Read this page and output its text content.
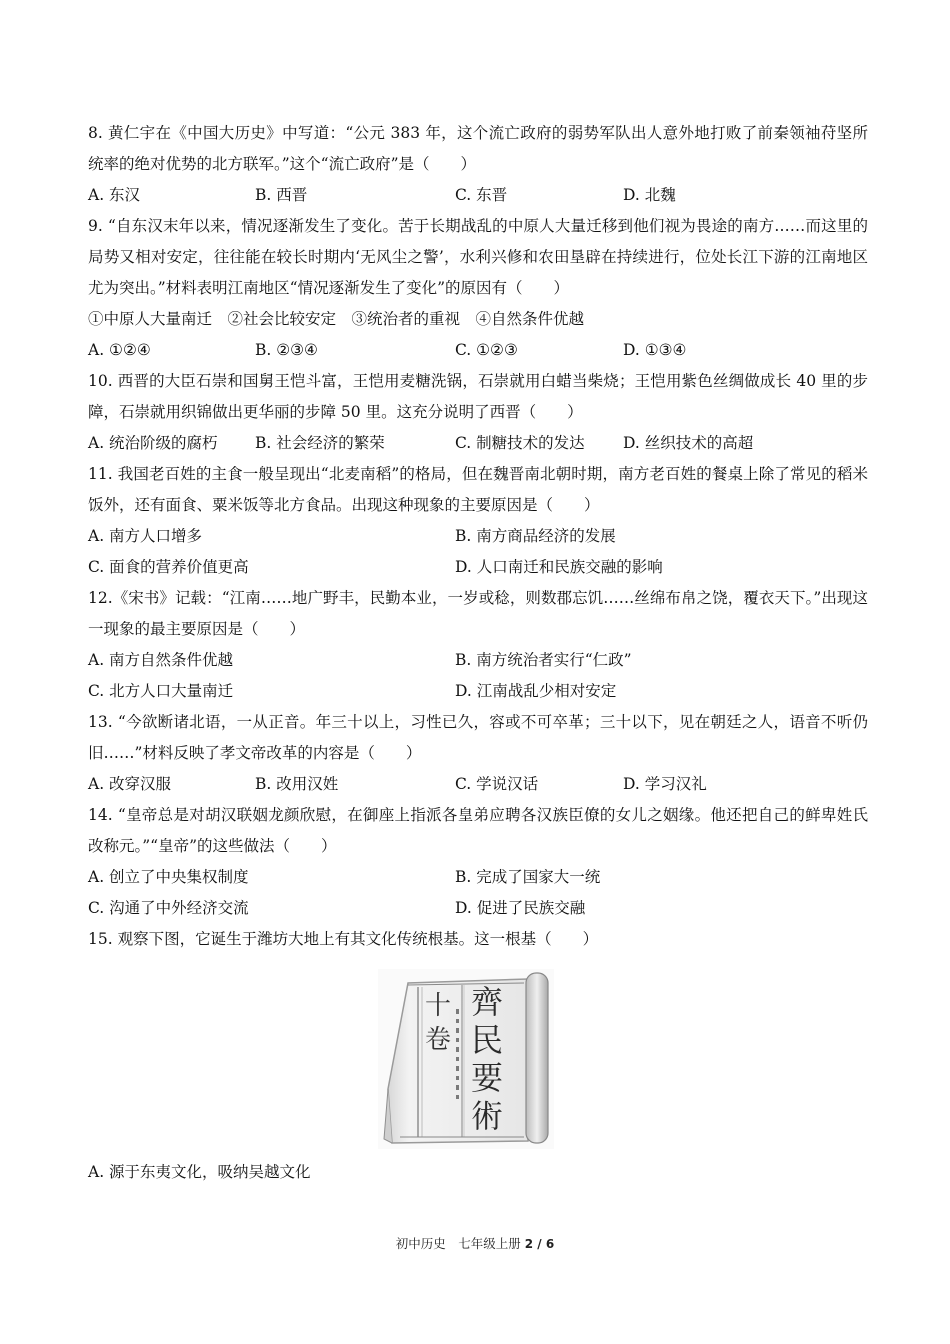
8. 黄仁宇在《中国大历史》中写道：“公元 383 年，这个流亡政府的弱势军队出人意外地打败了前秦领袖苻坚所统率的绝对优势的北方联军。”这个“流亡政府”是（　　）

A. 东汉	B. 西晋	C. 东晋	D. 北魏

9. “自东汉末年以来，情况逐渐发生了变化。苦于长期战乱的中原人大量迁移到他们视为畏途的南方……而这里的局势又相对安定，往往能在较长时期内‘无风尘之警’，水利兴修和农田垦辟在持续进行，位处长江下游的江南地区尤为突出。”材料表明江南地区“情况逐渐发生了变化”的原因有（　　）

①中原人大量南迁　②社会比较安定　③统治者的重视　④自然条件优越

A. ①②④	B. ②③④	C. ①②③	D. ①③④

10. 西晋的大臣石崇和国舅王恺斗富，王恺用麦糖洗锅，石崇就用白蜡当柴烧；王恺用紫色丝绸做成长 40 里的步障，石崇就用织锦做出更华丽的步障 50 里。这充分说明了西晋（　　）

A. 统治阶级的腐朽	B. 社会经济的繁荣	C. 制糖技术的发达	D. 丝织技术的高超

11. 我国老百姓的主食一般呈现出“北麦南稻”的格局，但在魏晋南北朝时期，南方老百姓的餐桌上除了常见的稻米饭外，还有面食、粟米饭等北方食品。出现这种现象的主要原因是（　　）

A. 南方人口增多	B. 南方商品经济的发展
C. 面食的营养价值更高	D. 人口南迁和民族交融的影响

12.《宋书》记载：“江南……地广野丰，民勤本业，一岁或稔，则数郡忘饥……丝绵布帛之饶，覆衣天下。”出现这一现象的最主要原因是（　　）

A. 南方自然条件优越	B. 南方统治者实行“仁政”
C. 北方人口大量南迁	D. 江南战乱少相对安定

13. “今欲断诸北语，一从正音。年三十以上，习性已久，容或不可卒革；三十以下，见在朝廷之人，语音不听仍旧……”材料反映了孝文帝改革的内容是（　　）

A. 改穿汉服	B. 改用汉姓	C. 学说汉话	D. 学习汉礼

14. “皇帝总是对胡汉联姻龙颜欣慰，在御座上指派各皇弟应聘各汉族臣僚的女儿之姻缘。他还把自己的鲜卑姓氏改称元。”“皇帝”的这些做法（　　）

A. 创立了中央集权制度	B. 完成了国家大一统
C. 沟通了中外经济交流	D. 促进了民族交融

15. 观察下图，它诞生于潍坊大地上有其文化传统根基。这一根基（　　）

十
卷
齊
民
要
術
A. 源于东夷文化，吸纳吴越文化
初中历史　七年级上册 2 / 6
